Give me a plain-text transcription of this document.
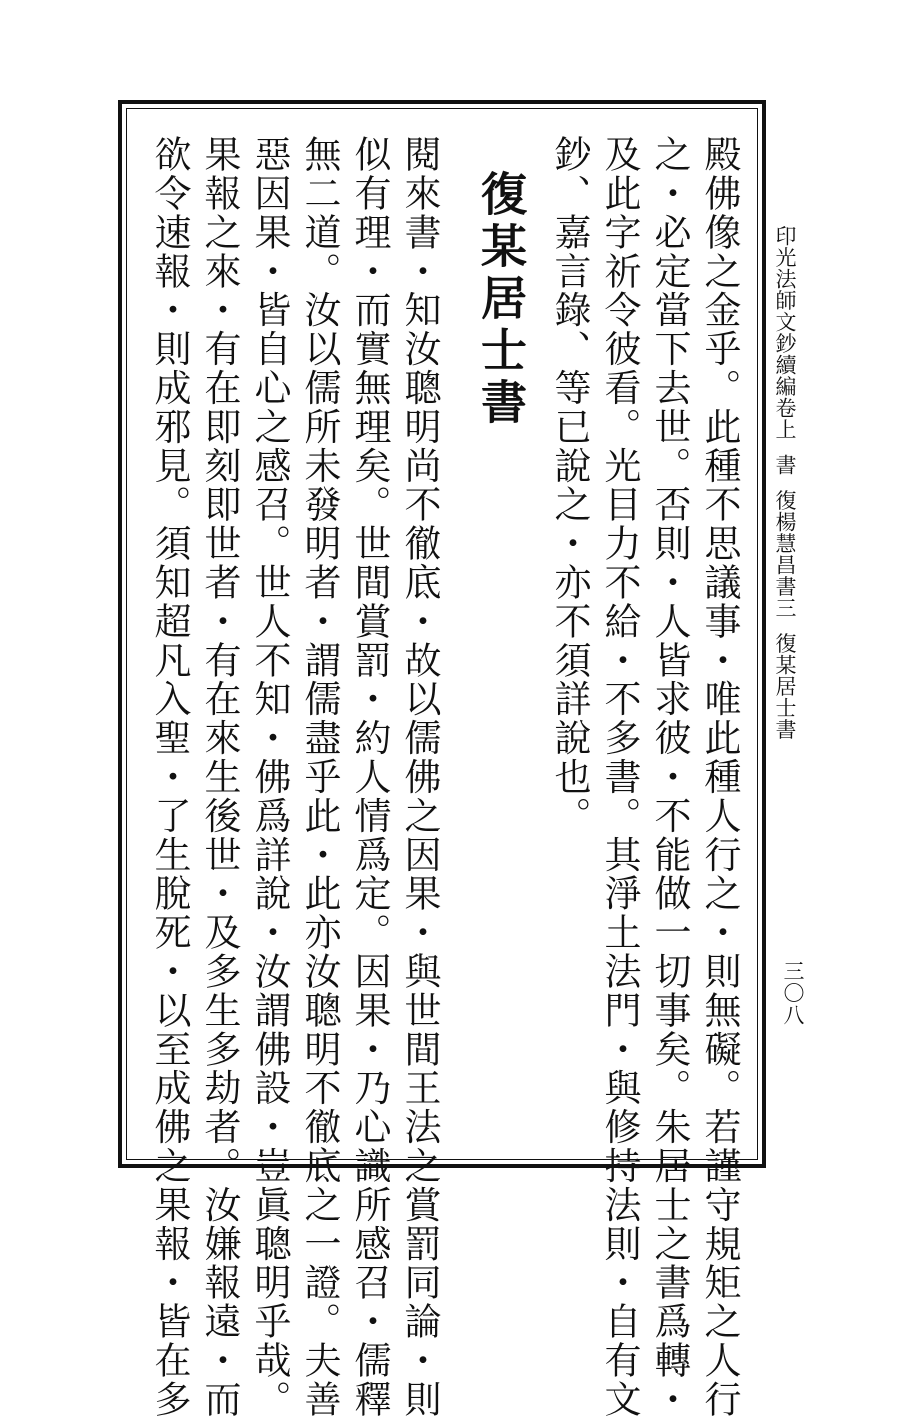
印光法師文鈔續編卷上書復楊慧昌書三復某居士書
三〇八
殿佛像之金乎。此種不思議事・唯此種人行之・則無礙。若謹守規矩之人行
之・必定當下去世。否則・人皆求彼・不能做一切事矣。朱居士之書爲轉・
及此字祈令彼看。光目力不給・不多書。其淨土法門・與修持法則・自有文
鈔、嘉言錄、等已說之・亦不須詳說也。
復某居士書
閱來書・知汝聰明尚不徹底・故以儒佛之因果・與世間王法之賞罰同論・則
似有理・而實無理矣。世間賞罰・約人情爲定。因果・乃心識所感召・儒釋
無二道。汝以儒所未發明者・謂儒盡乎此・此亦汝聰明不徹底之一證。夫善
惡因果・皆自心之感召。世人不知・佛爲詳說・汝謂佛設・豈眞聰明乎哉。
果報之來・有在即刻即世者・有在來生後世・及多生多劫者。汝嫌報遠・而
欲令速報・則成邪見。須知超凡入聖・了生脫死・以至成佛之果報・皆在多
